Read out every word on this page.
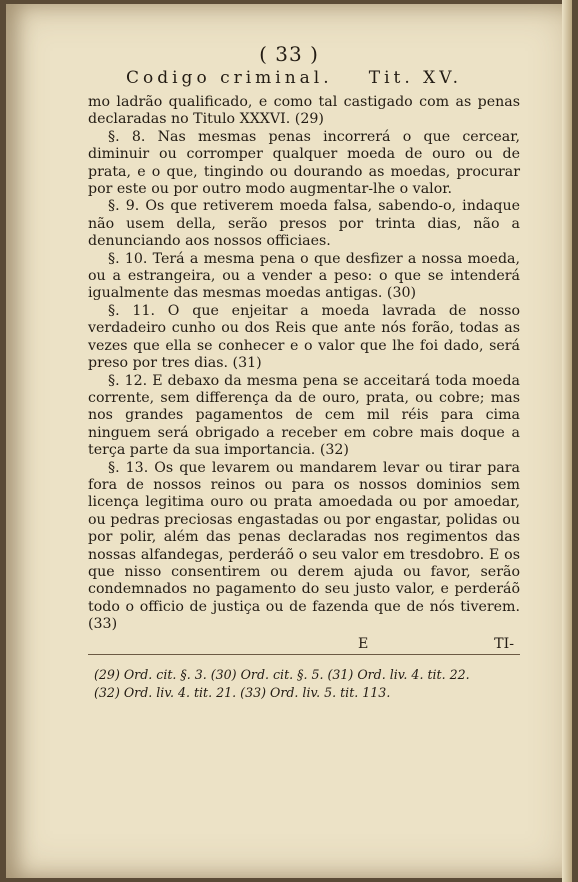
( 33 )
Codigo criminal. Tit. XV.

mo ladrão qualificado, e como tal castigado com as penas declaradas no Titulo XXXVI. (29)

§. 8. Nas mesmas penas incorrerá o que cercear, diminuir ou corromper qualquer moeda de ouro ou de prata, e o que, tingindo ou dourando as moedas, procurar por este ou por outro modo augmentar-lhe o valor.

§. 9. Os que retiverem moeda falsa, sabendo-o, indaque não usem della, serão presos por trinta dias, não a denunciando aos nossos officiaes.

§. 10. Terá a mesma pena o que desfizer a nossa moeda, ou a estrangeira, ou a vender a peso: o que se intenderá igualmente das mesmas moedas antigas. (30)

§. 11. O que enjeitar a moeda lavrada de nosso verdadeiro cunho ou dos Reis que ante nós forão, todas as vezes que ella se conhecer e o valor que lhe foi dado, será preso por tres dias. (31)

§. 12. E debaxo da mesma pena se acceitará toda moeda corrente, sem differença da de ouro, prata, ou cobre; mas nos grandes pagamentos de cem mil réis para cima ninguem será obrigado a receber em cobre mais doque a terça parte da sua importancia. (32)

§. 13. Os que levarem ou mandarem levar ou tirar para fora de nossos reinos ou para os nossos dominios sem licença legitima ouro ou prata amoedada ou por amoedar, ou pedras preciosas engastadas ou por engastar, polidas ou por polir, além das penas declaradas nos regimentos das nossas alfandegas, perderáõ o seu valor em tresdobro. E os que nisso consentirem ou derem ajuda ou favor, serão condemnados no pagamento do seu justo valor, e perderáõ todo o officio de justiça ou de fazenda que de nós tiverem. (33)

E	TI-
(29) Ord. cit. §. 3. (30) Ord. cit. §. 5. (31) Ord. liv. 4. tit. 22.
(32) Ord. liv. 4. tit. 21. (33) Ord. liv. 5. tit. 113.
